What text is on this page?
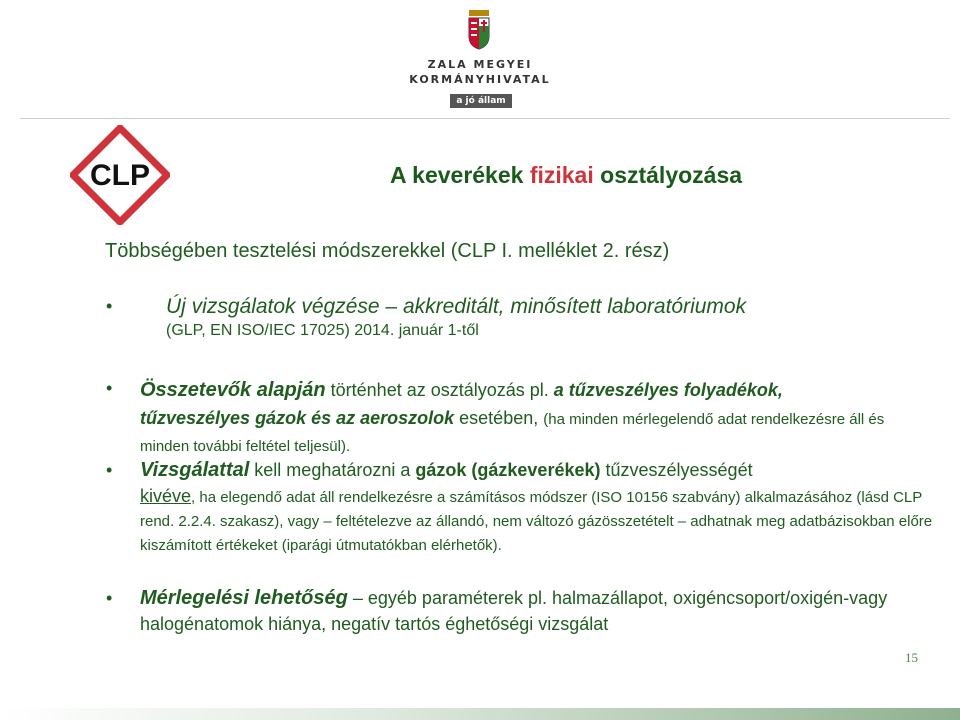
ZALA MEGYEI
KORMÁNYHIVATAL
a jó állam
CLP	A keverékek fizikai osztályozása
Többségében tesztelési módszerekkel (CLP I. melléklet 2. rész)
•	Új vizsgálatok végzése – akkreditált, minősített laboratóriumok
(GLP, EN ISO/IEC 17025) 2014. január 1-től
• Összetevők alapján történhet az osztályozás pl. a tűzveszélyes folyadékok,
tűzveszélyes gázok és az aeroszolok esetében, (ha minden mérlegelendő adat rendelkezésre áll és minden további feltétel teljesül).
• Vizsgálattal kell meghatározni a gázok (gázkeverékek) tűzveszélyességét
kivéve, ha elegendő adat áll rendelkezésre a számításos módszer (ISO 10156 szabvány) alkalmazásához (lásd CLP rend. 2.2.4. szakasz), vagy – feltételezve az állandó, nem változó gázösszetételt – adhatnak meg adatbázisokban előre kiszámított értékeket (iparági útmutatókban elérhetők).
• Mérlegelési lehetőség – egyéb paraméterek pl. halmazállapot, oxigéncsoport/oxigén-vagy halogénatomok hiánya, negatív tartós éghetőségi vizsgálat
15
